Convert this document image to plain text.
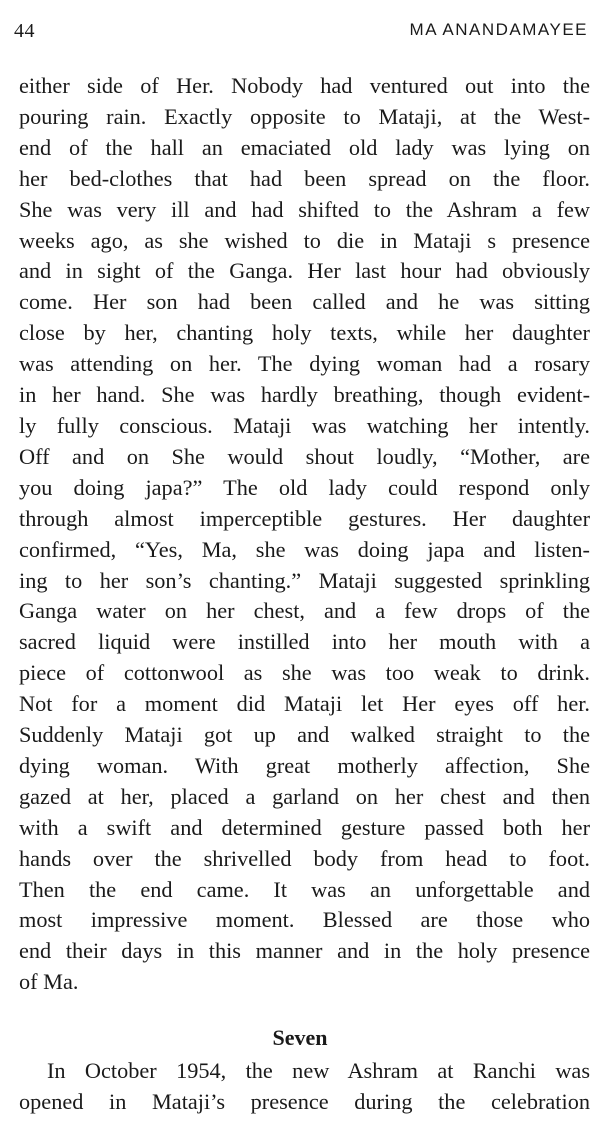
44	MA ANANDAMAYEE
either side of Her. Nobody had ventured out into the
pouring rain. Exactly opposite to Mataji, at the West-
end of the hall an emaciated old lady was lying on
her bed-clothes that had been spread on the floor.
She was very ill and had shifted to the Ashram a few
weeks ago, as she wished to die in Mataji s presence
and in sight of the Ganga. Her last hour had obviously
come. Her son had been called and he was sitting
close by her, chanting holy texts, while her daughter
was attending on her. The dying woman had a rosary
in her hand. She was hardly breathing, though evident-
ly fully conscious. Mataji was watching her intently.
Off and on She would shout loudly, “Mother, are
you doing japa?” The old lady could respond only
through almost imperceptible gestures. Her daughter
confirmed, “Yes, Ma, she was doing japa and listen-
ing to her son’s chanting.” Mataji suggested sprinkling
Ganga water on her chest, and a few drops of the
sacred liquid were instilled into her mouth with a
piece of cottonwool as she was too weak to drink.
Not for a moment did Mataji let Her eyes off her.
Suddenly Mataji got up and walked straight to the
dying woman. With great motherly affection, She
gazed at her, placed a garland on her chest and then
with a swift and determined gesture passed both her
hands over the shrivelled body from head to foot.
Then the end came. It was an unforgettable and
most impressive moment. Blessed are those who
end their days in this manner and in the holy presence
of Ma.
Seven
In October 1954, the new Ashram at Ranchi was
opened in Mataji’s presence during the celebration
